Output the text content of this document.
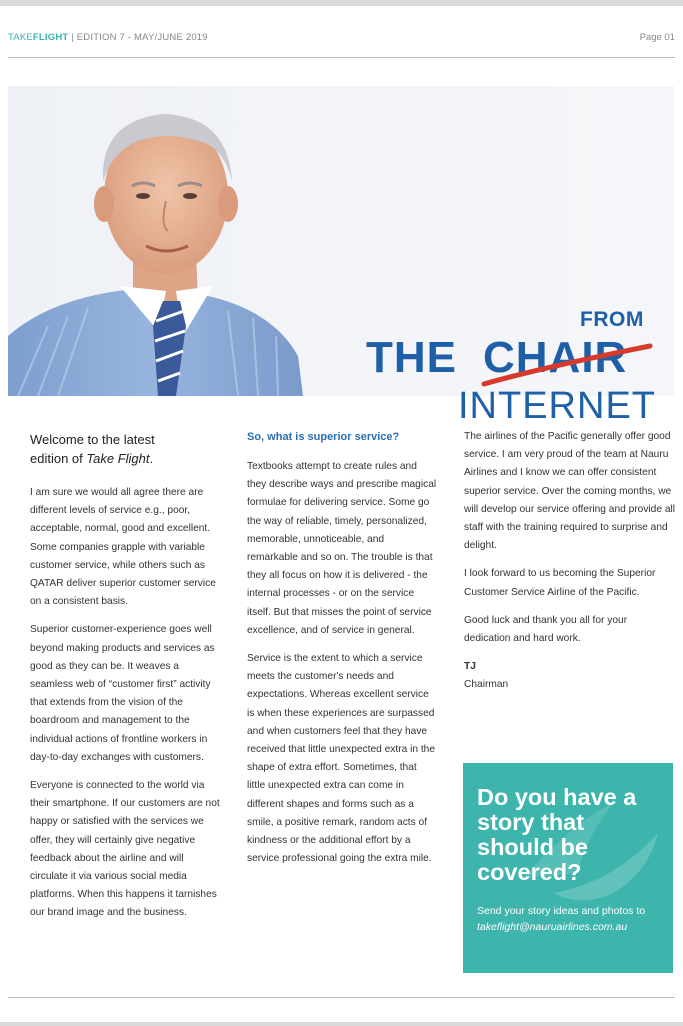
TAKEFLIGHT | EDITION 7 - MAY/JUNE 2019	Page 01
FROM
THE CHAIR
INTERNET

Welcome to the latest
edition of Take Flight.

I am sure we would all agree there are different levels of service e.g., poor, acceptable, normal, good and excellent. Some companies grapple with variable customer service, while others such as QATAR deliver superior customer service on a consistent basis.

Superior customer-experience goes well beyond making products and services as good as they can be. It weaves a seamless web of “customer first” activity that extends from the vision of the boardroom and management to the individual actions of frontline workers in day-to-day exchanges with customers.

Everyone is connected to the world via their smartphone. If our customers are not happy or satisfied with the services we offer, they will certainly give negative feedback about the airline and will circulate it via various social media platforms. When this happens it tarnishes our brand image and the business.

So, what is superior service?

Textbooks attempt to create rules and they describe ways and prescribe magical formulae for delivering service. Some go the way of reliable, timely, personalized, memorable, unnoticeable, and remarkable and so on. The trouble is that they all focus on how it is delivered - the internal processes - or on the service itself. But that misses the point of service excellence, and of service in general.

Service is the extent to which a service meets the customer's needs and expectations. Whereas excellent service is when these experiences are surpassed and when customers feel that they have received that little unexpected extra in the shape of extra effort. Sometimes, that little unexpected extra can come in different shapes and forms such as a smile, a positive remark, random acts of kindness or the additional effort by a service professional going the extra mile.

The airlines of the Pacific generally offer good service. I am very proud of the team at Nauru Airlines and I know we can offer consistent superior service. Over the coming months, we will develop our service offering and provide all staff with the training required to surprise and delight.

I look forward to us becoming the Superior Customer Service Airline of the Pacific.

Good luck and thank you all for your dedication and hard work.

TJ

Chairman

Do you have a story that should be covered?
Send your story ideas and photos to
takeflight@nauruairlines.com.au
